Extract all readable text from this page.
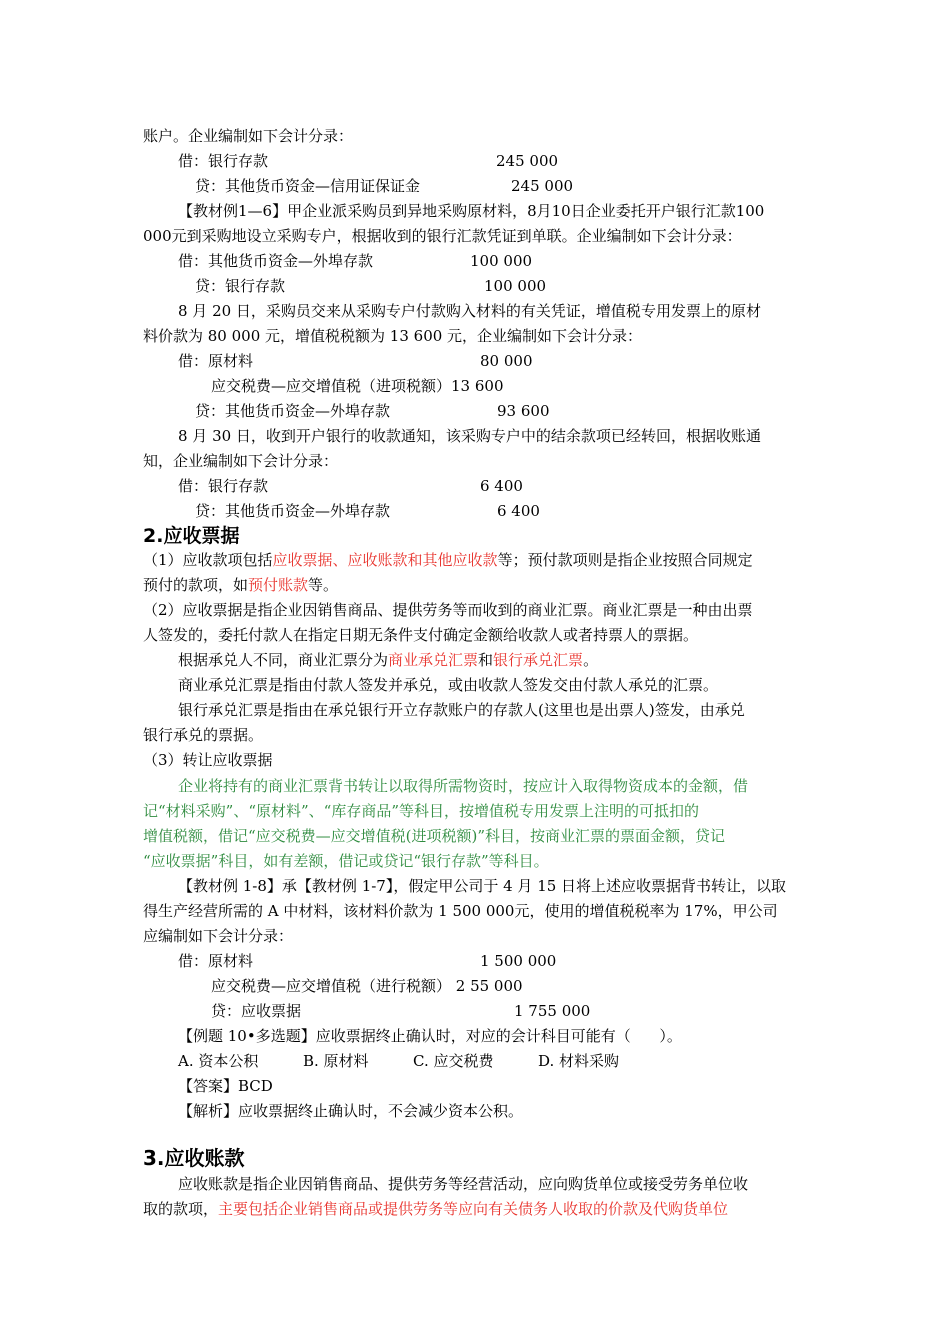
账户。企业编制如下会计分录：
借：银行存款	245 000
贷：其他货币资金—信用证保证金	245 000
【教材例1—6】甲企业派采购员到异地采购原材料，8月10日企业委托开户银行汇款100
000元到采购地设立采购专户，根据收到的银行汇款凭证到单联。企业编制如下会计分录：
借：其他货币资金—外埠存款	100 000
贷：银行存款	100 000
8 月 20 日，采购员交来从采购专户付款购入材料的有关凭证，增值税专用发票上的原材
料价款为 80 000 元，增值税税额为 13 600 元，企业编制如下会计分录：
借：原材料	80 000
应交税费—应交增值税（进项税额）13 600
贷：其他货币资金—外埠存款	93 600
8 月 30 日，收到开户银行的收款通知，该采购专户中的结余款项已经转回，根据收账通
知，企业编制如下会计分录：
借：银行存款	6 400
贷：其他货币资金—外埠存款	6 400
2.应收票据
（1）应收款项包括应收票据、应收账款和其他应收款等；预付款项则是指企业按照合同规定
预付的款项，如预付账款等。
（2）应收票据是指企业因销售商品、提供劳务等而收到的商业汇票。商业汇票是一种由出票
人签发的，委托付款人在指定日期无条件支付确定金额给收款人或者持票人的票据。
根据承兑人不同，商业汇票分为商业承兑汇票和银行承兑汇票。
商业承兑汇票是指由付款人签发并承兑，或由收款人签发交由付款人承兑的汇票。
银行承兑汇票是指由在承兑银行开立存款账户的存款人(这里也是出票人)签发，由承兑
银行承兑的票据。
（3）转让应收票据
企业将持有的商业汇票背书转让以取得所需物资时，按应计入取得物资成本的金额，借
记“材料采购”、“原材料”、“库存商品”等科目，按增值税专用发票上注明的可抵扣的
增值税额，借记“应交税费—应交增值税(进项税额)”科目，按商业汇票的票面金额，贷记
“应收票据”科目，如有差额，借记或贷记“银行存款”等科目。
【教材例 1-8】承【教材例 1-7】，假定甲公司于 4 月 15 日将上述应收票据背书转让，以取
得生产经营所需的 A 中材料，该材料价款为 1 500 000元，使用的增值税税率为 17%，甲公司
应编制如下会计分录：
借：原材料	1 500 000
应交税费—应交增值税（进行税额） 2 55 000
贷：应收票据	1 755 000
【例题 10•多选题】应收票据终止确认时，对应的会计科目可能有（      ）。
A. 资本公积	B. 原材料	C. 应交税费	D. 材料采购
【答案】BCD
【解析】应收票据终止确认时，不会减少资本公积。
3.应收账款
应收账款是指企业因销售商品、提供劳务等经营活动，应向购货单位或接受劳务单位收
取的款项，主要包括企业销售商品或提供劳务等应向有关债务人收取的价款及代购货单位
